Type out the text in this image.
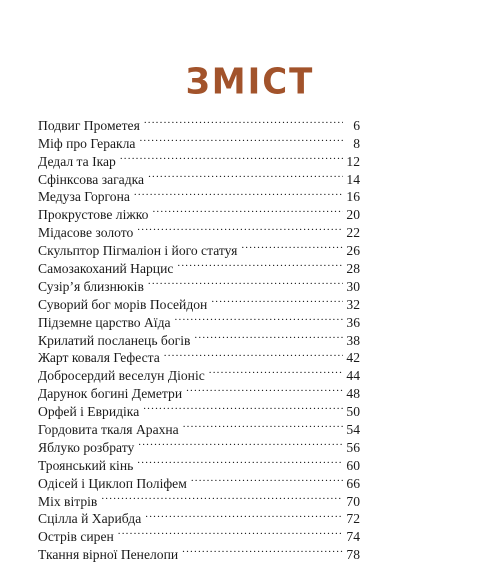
ЗМІСТ
Подвиг Прометея .....	6
Міф про Геракла .....	8
Дедал та Ікар .....	12
Сфінксова загадка .....	14
Медуза Горгона .....	16
Прокрустове ліжко .....	20
Мідасове золото .....	22
Скульптор Пігмаліон і його статуя .....	26
Самозакоханий Нарцис .....	28
Сузір’я близнюків .....	30
Суворий бог морів Посейдон .....	32
Підземне царство Аїда .....	36
Крилатий посланець богів .....	38
Жарт коваля Гефеста .....	42
Добросердий веселун Діоніс .....	44
Дарунок богині Деметри .....	48
Орфей і Евридіка .....	50
Гордовита ткаля Арахна .....	54
Яблуко розбрату .....	56
Троянський кінь .....	60
Одісей і Циклоп Поліфем .....	66
Міх вітрів .....	70
Сцілла й Харибда .....	72
Острів сирен .....	74
Ткання вірної Пенелопи .....	78
